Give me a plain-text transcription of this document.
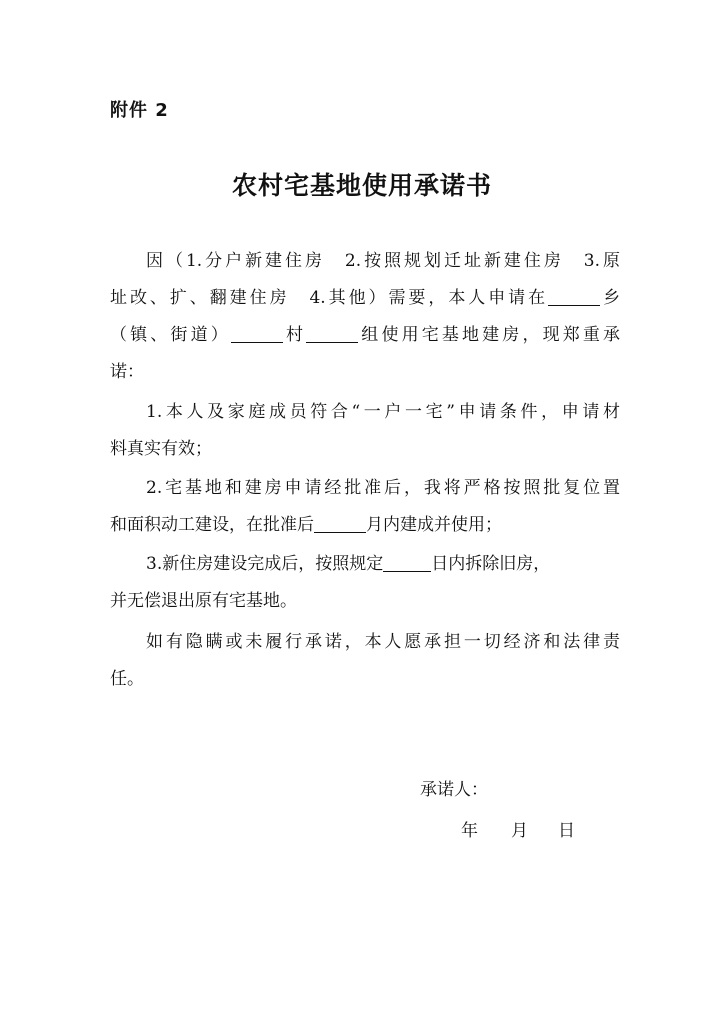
附件 2
农村宅基地使用承诺书
因（1.分户新建住房　2.按照规划迁址新建住房　3.原
址改、扩、翻建住房　4.其他）需要，本人申请在	乡
（镇、街道）	村	组使用宅基地建房，现郑重承
诺：
1.本人及家庭成员符合“一户一宅”申请条件，申请材
料真实有效；
2.宅基地和建房申请经批准后，我将严格按照批复位置
和面积动工建设，在批准后	月内建成并使用；
3.新住房建设完成后，按照规定	日内拆除旧房，
并无偿退出原有宅基地。
如有隐瞒或未履行承诺，本人愿承担一切经济和法律责
任。
承诺人：
年 月 日
